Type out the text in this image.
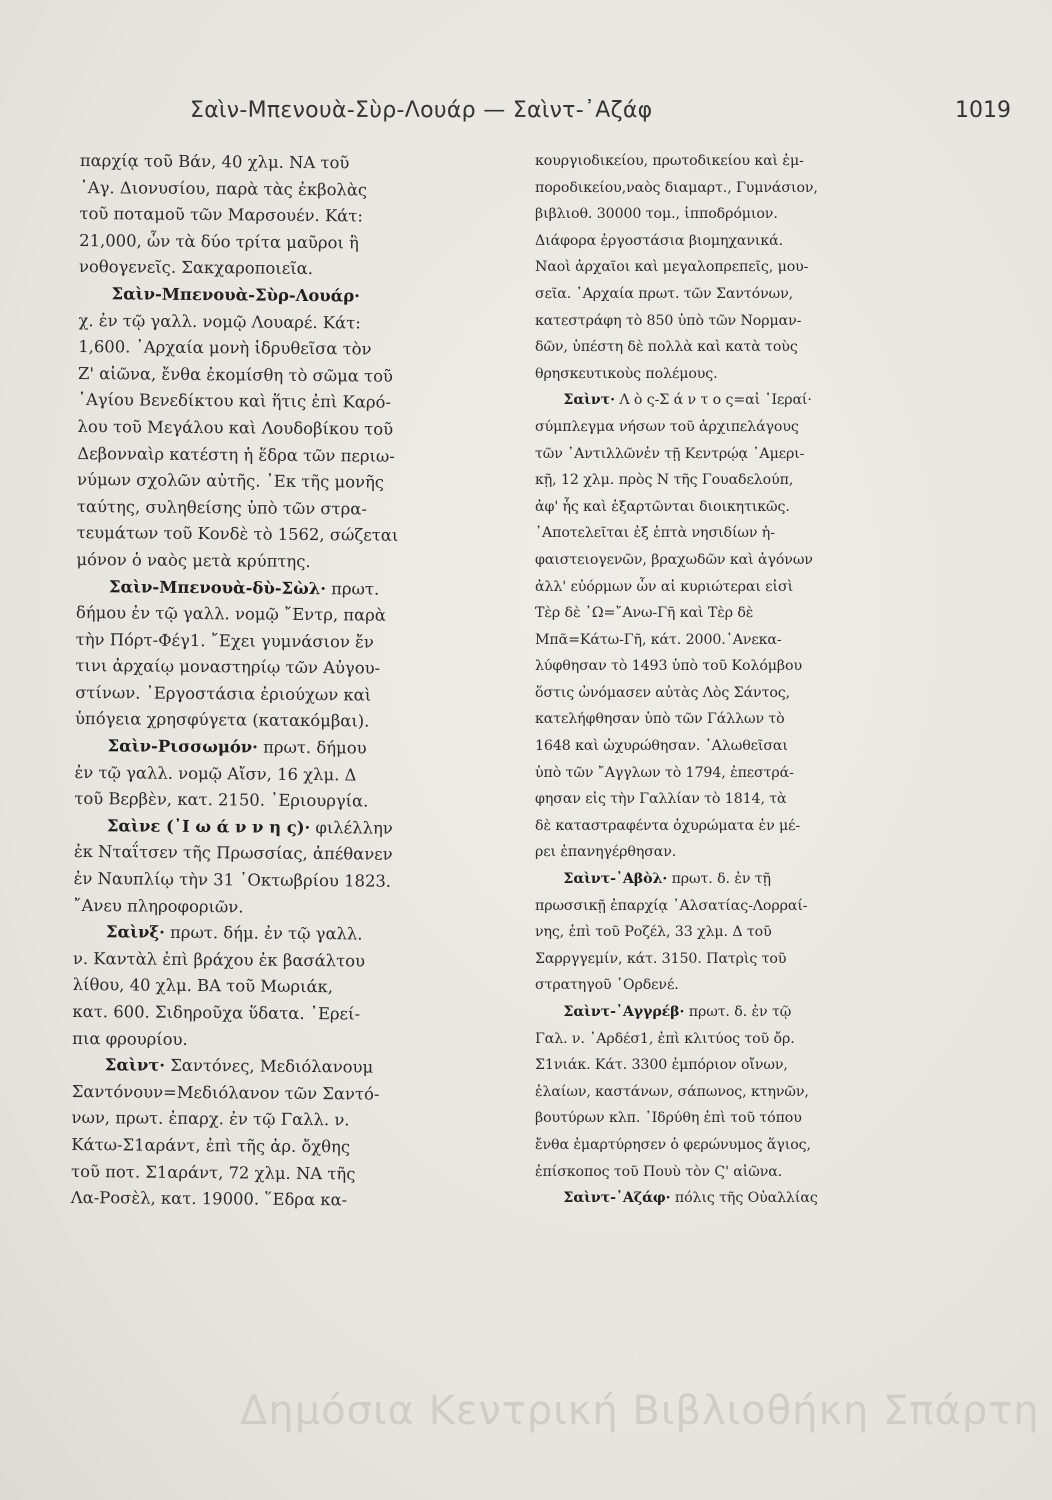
Σαὶν-Μπενουὰ-Σὺρ-Λουάρ — Σαὶντ-᾿Αζάφ	1019
παρχίᾳ τοῦ Βάν, 40 χλμ. ΝΑ τοῦ
᾿Αγ. Διονυσίου, παρὰ τὰς ἐκβολὰς
τοῦ ποταμοῦ τῶν Μαρσουέν. Κάτ:
21,000, ὧν τὰ δύο τρίτα μαῦροι ἢ
νοθογενεῖς. Σακχαροποιεῖα.
Σαὶν-Μπενουὰ-Σὺρ-Λουάρ·
χ. ἐν τῷ γαλλ. νομῷ Λουαρέ. Κάτ:
1,600. ᾿Αρχαία μονὴ ἱδρυθεῖσα τὸν
Ζ' αἰῶνα, ἔνθα ἐκομίσθη τὸ σῶμα τοῦ
῾Αγίου Βενεδίκτου καὶ ἥτις ἐπὶ Καρό-
λου τοῦ Μεγάλου καὶ Λουδοβίκου τοῦ
Δεβονναὶρ κατέστη ἡ ἕδρα τῶν περιω-
νύμων σχολῶν αὐτῆς. ᾿Εκ τῆς μονῆς
ταύτης, συληθείσης ὑπὸ τῶν στρα-
τευμάτων τοῦ Κονδὲ τὸ 1562, σώζεται
μόνον ὁ ναὸς μετὰ κρύπτης.
Σαὶν-Μπενουὰ-δὺ-Σὼλ· πρωτ.
δήμου ἐν τῷ γαλλ. νομῷ ῎Εντρ, παρὰ
τὴν Πόρτ-Φέγ1. ῎Εχει γυμνάσιον ἔν
τινι ἀρχαίῳ μοναστηρίῳ τῶν Αὐγου-
στίνων. ᾿Εργοστάσια ἐριούχων καὶ
ὑπόγεια χρησφύγετα (κατακόμβαι).
Σαὶν-Ρισσωμόν· πρωτ. δήμου
ἐν τῷ γαλλ. νομῷ Αἴσν, 16 χλμ. Δ
τοῦ Βερβὲν, κατ. 2150. ᾿Εριουργία.
Σαὶνε (᾿Ι ω ά ν ν η ς)· φιλέλλην
ἐκ Νταΐτσεν τῆς Πρωσσίας, ἀπέθανεν
ἐν Ναυπλίῳ τὴν 31 ᾿Οκτωβρίου 1823.
῎Ανευ πληροφοριῶν.
Σαὶνξ· πρωτ. δήμ. ἐν τῷ γαλλ.
ν. Καντὰλ ἐπὶ βράχου ἐκ βασάλτου
λίθου, 40 χλμ. ΒΑ τοῦ Μωριάκ,
κατ. 600. Σιδηροῦχα ὕδατα. ᾿Ερεί-
πια φρουρίου.
Σαὶντ· Σαντόνες, Μεδιόλανουμ
Σαντόνουν=Μεδιόλανον τῶν Σαντό-
νων, πρωτ. ἐπαρχ. ἐν τῷ Γαλλ. ν.
Κάτω-Σ1αράντ, ἐπὶ τῆς ἀρ. ὄχθης
τοῦ ποτ. Σ1αράντ, 72 χλμ. ΝΑ τῆς
Λα-Ροσὲλ, κατ. 19000. ῞Εδρα κα-
κουργιοδικείου, πρωτοδικείου καὶ ἐμ-
ποροδικείου,ναὸς διαμαρτ., Γυμνάσιον,
βιβλιοθ. 30000 τομ., ἱπποδρόμιον.
Διάφορα ἐργοστάσια βιομηχανικά.
Ναοὶ ἀρχαῖοι καὶ μεγαλοπρεπεῖς, μου-
σεῖα. ᾿Αρχαία πρωτ. τῶν Σαντόνων,
κατεστράφη τὸ 850 ὑπὸ τῶν Νορμαν-
δῶν, ὑπέστη δὲ πολλὰ καὶ κατὰ τοὺς
θρησκευτικοὺς πολέμους.
Σαὶντ· Λ ὸ ς-Σ ά ν τ ο ς=αἱ ῾Ιεραί·
σύμπλεγμα νήσων τοῦ ἀρχιπελάγους
τῶν ᾿Αντιλλῶνἐν τῇ Κεντρῴᾳ ᾿Αμερι-
κῇ, 12 χλμ. πρὸς Ν τῆς Γουαδελούπ,
ἀφ' ἧς καὶ ἐξαρτῶνται διοικητικῶς.
᾿Αποτελεῖται ἐξ ἑπτὰ νησιδίων ἡ-
φαιστειογενῶν, βραχωδῶν καὶ ἀγόνων
ἀλλ' εὐόρμων ὧν αἱ κυριώτεραι εἰσὶ
Τὲρ δὲ ῾Ω=῎Ανω-Γῆ καὶ Τὲρ δὲ
Μπᾶ=Κάτω-Γῆ, κάτ. 2000.᾿Ανεκα-
λύφθησαν τὸ 1493 ὑπὸ τοῦ Κολόμβου
ὅστις ὠνόμασεν αὐτὰς Λὸς Σάντος,
κατελήφθησαν ὑπὸ τῶν Γάλλων τὸ
1648 καὶ ὠχυρώθησαν. ᾿Αλωθεῖσαι
ὑπὸ τῶν ῎Αγγλων τὸ 1794, ἐπεστρά-
φησαν εἰς τὴν Γαλλίαν τὸ 1814, τὰ
δὲ καταστραφέντα ὀχυρώματα ἐν μέ-
ρει ἐπανηγέρθησαν.
Σαὶντ-᾿Αβὸλ· πρωτ. δ. ἐν τῇ
πρωσσικῇ ἐπαρχίᾳ ᾿Αλσατίας-Λορραί-
νης, ἐπὶ τοῦ Ροζέλ, 33 χλμ. Δ τοῦ
Σαρργγεμίν, κάτ. 3150. Πατρὶς τοῦ
στρατηγοῦ ᾿Ορδενέ.
Σαὶντ-᾿Αγγρέβ· πρωτ. δ. ἐν τῷ
Γαλ. ν. ᾿Αρδέσ1, ἐπὶ κλιτύος τοῦ ὄρ.
Σ1νιάκ. Κάτ. 3300 ἐμπόριον οἴνων,
ἐλαίων, καστάνων, σάπωνος, κτηνῶν,
βουτύρων κλπ. ῾Ιδρύθη ἐπὶ τοῦ τόπου
ἔνθα ἐμαρτύρησεν ὁ φερώνυμος ἅγιος,
ἐπίσκοπος τοῦ Πουὺ τὸν Ϛ' αἰῶνα.
Σαὶντ-᾿Αζάφ· πόλις τῆς Οὐαλλίας
Δημόσια Κεντρική Βιβλιοθήκη Σπάρτη
